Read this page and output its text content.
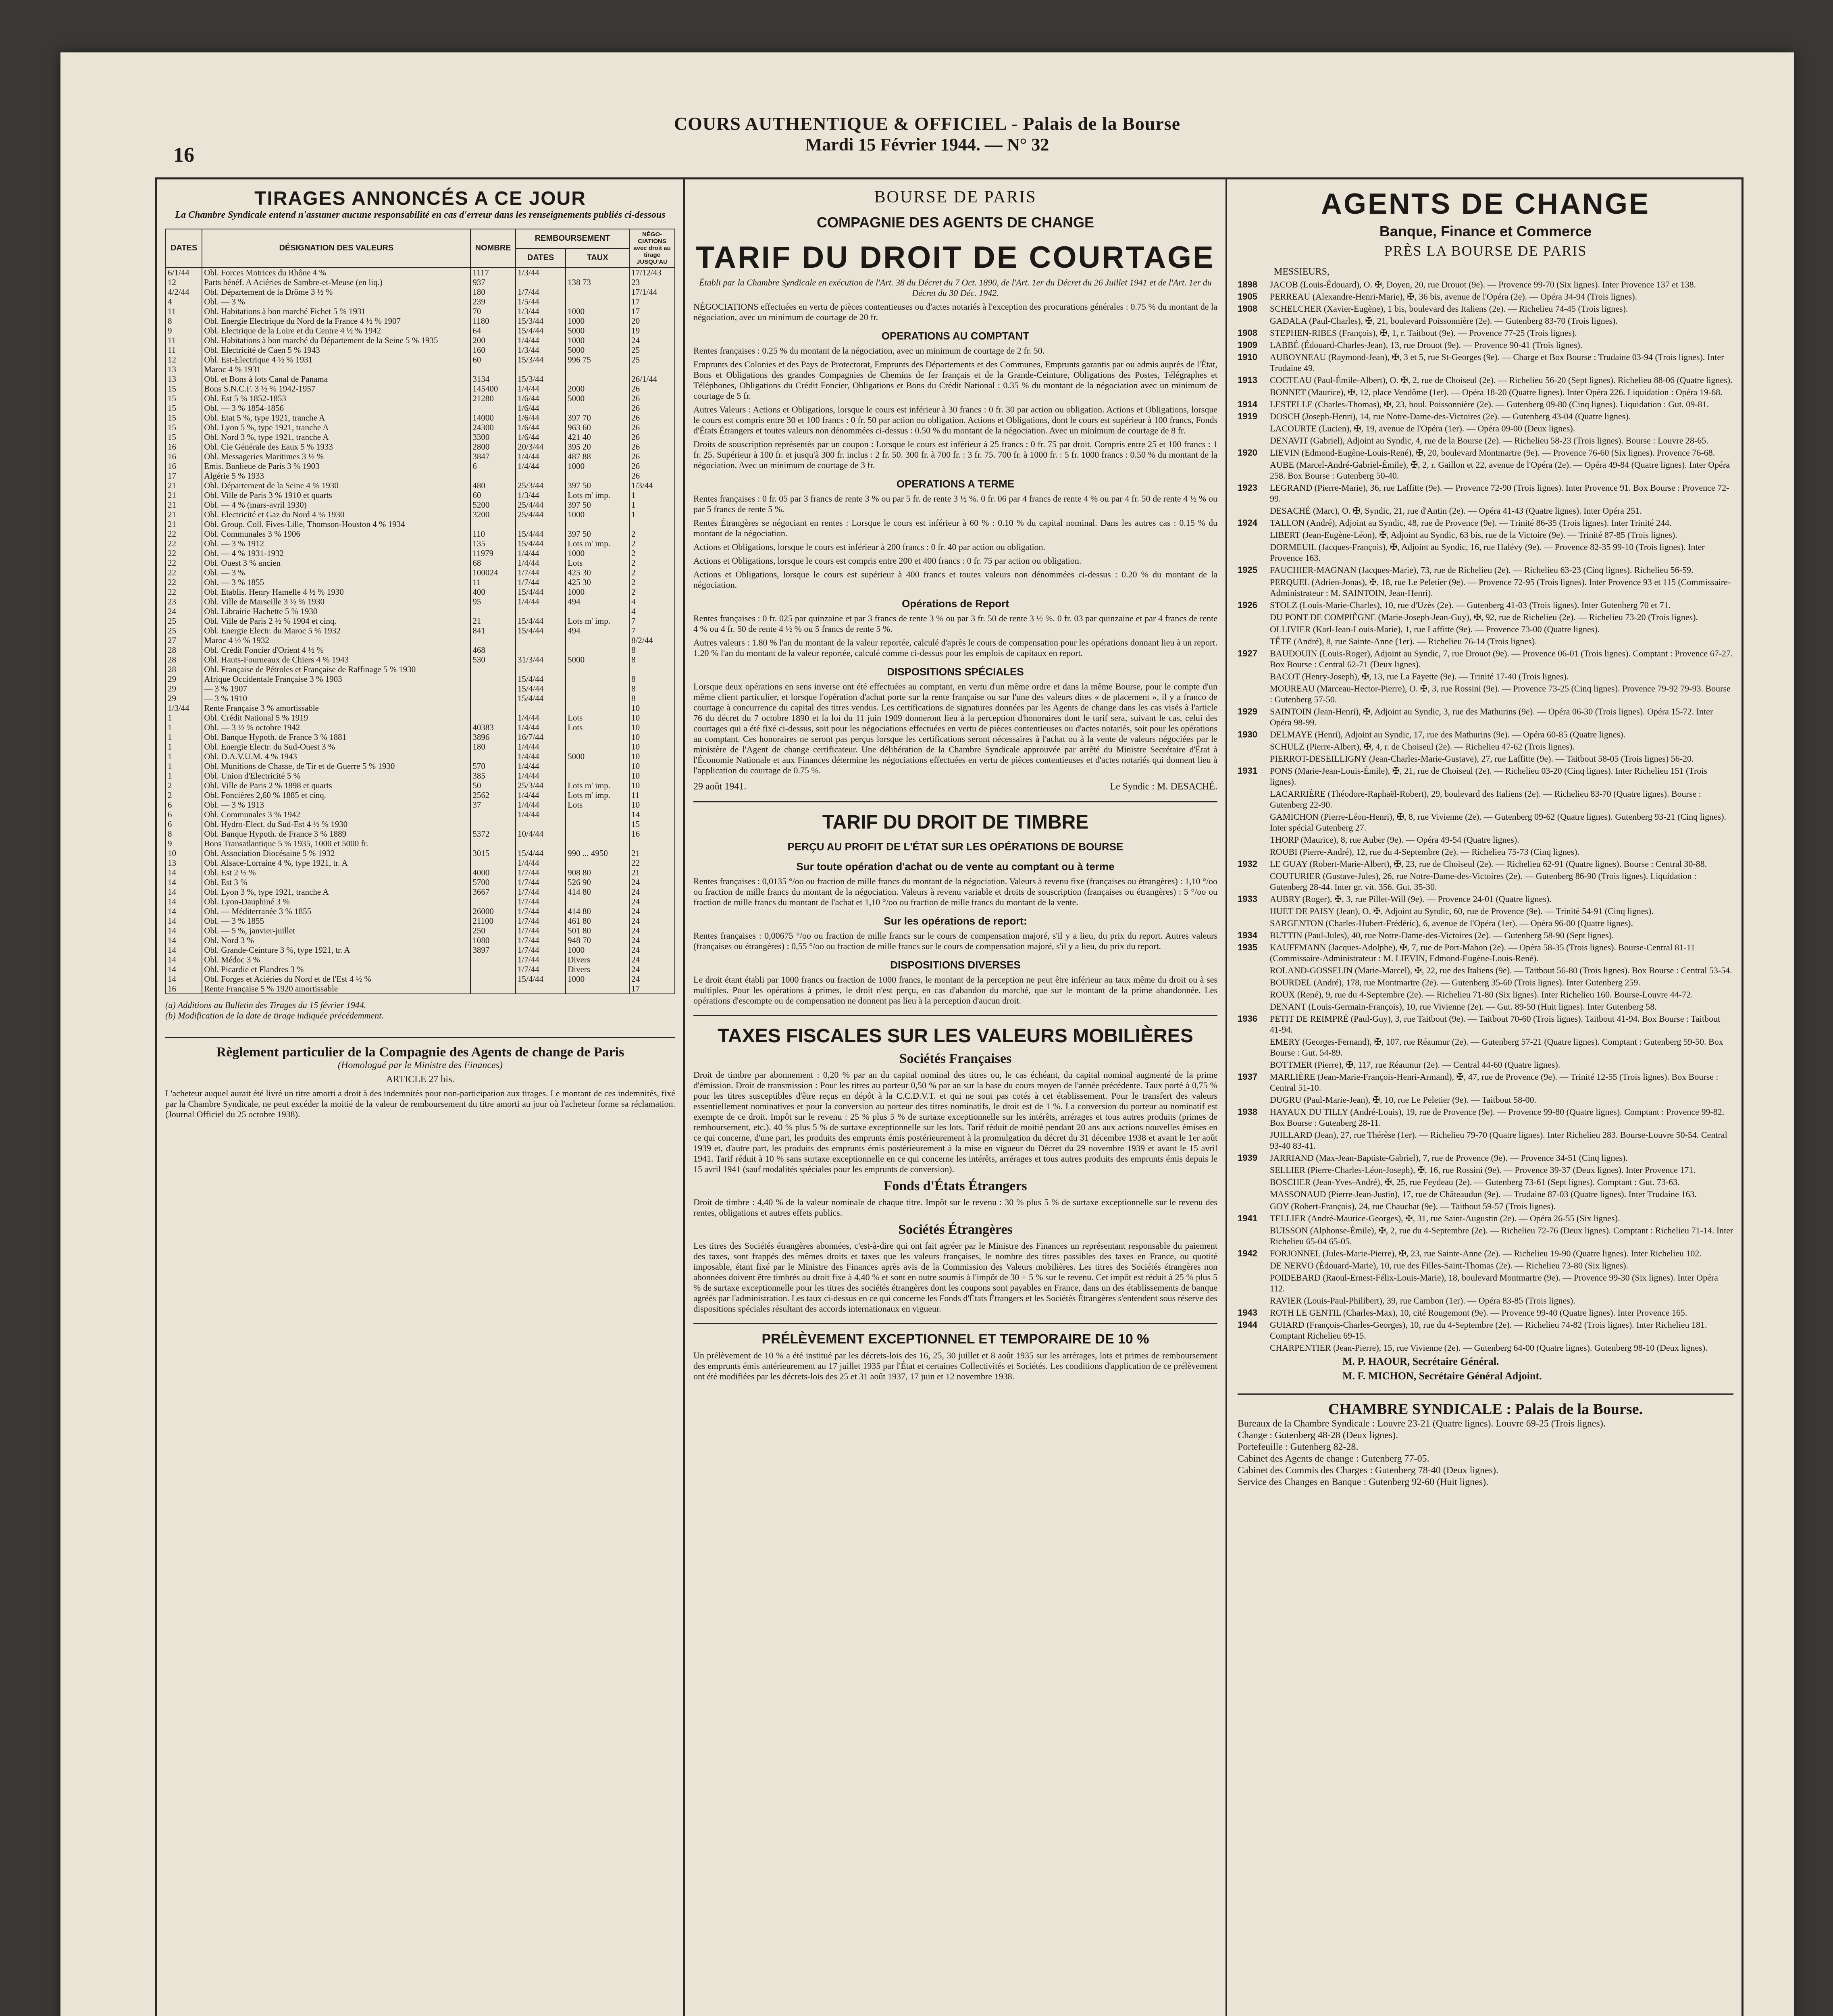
COURS AUTHENTIQUE & OFFICIEL - Palais de la Bourse
Mardi 15 Février 1944. — N° 32
16
TIRAGES ANNONCÉS A CE JOUR
La Chambre Syndicale entend n'assumer aucune responsabilité en cas d'erreur dans les renseignements publiés ci-dessous
DATES	DÉSIGNATION DES VALEURS	NOMBRE	REMBOURSEMENT		NÉGO-CIATIONS avec droit au tirage JUSQU'AU
			DATES	TAUX	
6/1/44	Obl. Forces Motrices du Rhône 4 %	1117	1/3/44		17/12/43
12	Parts bénéf. A Aciéries de Sambre-et-Meuse (en liq.)	937		138 73	23
4/2/44	Obl. Département de la Drôme 3 ½ %	180	1/7/44		17/1/44
4	Obl. — 3 %	239	1/5/44		17
11	Obl. Habitations à bon marché Fichet 5 % 1931	70	1/3/44	1000	17
8	Obl. Energie Electrique du Nord de la France 4 ½ % 1907	1180	15/3/44	1000	20
9	Obl. Electrique de la Loire et du Centre 4 ½ % 1942	64	15/4/44	5000	19
11	Obl. Habitations à bon marché du Département de la Seine 5 % 1935	200	1/4/44	1000	24
11	Obl. Electricité de Caen 5 % 1943	160	1/3/44	5000	25
12	Obl. Est-Electrique 4 ½ % 1931	60	15/3/44	996 75	25
13	Maroc 4 % 1931				
13	Obl. et Bons à lots Canal de Panama	3134	15/3/44		26/1/44
15	Bons S.N.C.F. 3 ½ % 1942-1957	145400	1/4/44	2000	26
15	Obl. Est 5 % 1852-1853	21280	1/6/44	5000	26
15	Obl. — 3 % 1854-1856		1/6/44		26
15	Obl. Etat 5 %, type 1921, tranche A	14000	1/6/44	397 70	26
15	Obl. Lyon 5 %, type 1921, tranche A	24300	1/6/44	963 60	26
15	Obl. Nord 3 %, type 1921, tranche A	3300	1/6/44	421 40	26
16	Obl. Cie Générale des Eaux 5 % 1933	2800	20/3/44	395 20	26
16	Obl. Messageries Maritimes 3 ½ %	3847	1/4/44	487 88	26
16	Emis. Banlieue de Paris 3 % 1903	6	1/4/44	1000	26
17	Algérie 5 % 1933				26
21	Obl. Département de la Seine 4 % 1930	480	25/3/44	397 50	1/3/44
21	Obl. Ville de Paris 3 % 1910 et quarts	60	1/3/44	Lots m' imp.	1
21	Obl. — 4 % (mars-avril 1930)	5200	25/4/44	397 50	1
21	Obl. Electricité et Gaz du Nord 4 % 1930	3200	25/4/44	1000	1
21	Obl. Group. Coll. Fives-Lille, Thomson-Houston 4 % 1934				
22	Obl. Communales 3 % 1906	110	15/4/44	397 50	2
22	Obl. — 3 % 1912	135	15/4/44	Lots m' imp.	2
22	Obl. — 4 % 1931-1932	11979	1/4/44	1000	2
22	Obl. Ouest 3 % ancien	68	1/4/44	Lots	2
22	Obl. — 3 %	100024	1/7/44	425 30	2
22	Obl. — 3 % 1855	11	1/7/44	425 30	2
22	Obl. Etablis. Henry Hamelle 4 ½ % 1930	400	15/4/44	1000	2
23	Obl. Ville de Marseille 3 ½ % 1930	95	1/4/44	494	4
24	Obl. Librairie Hachette 5 % 1930				4
25	Obl. Ville de Paris 2 ½ % 1904 et cinq.	21	15/4/44	Lots m' imp.	7
25	Obl. Energie Electr. du Maroc 5 % 1932	841	15/4/44	494	7
27	Maroc 4 ½ % 1932				8/2/44
28	Obl. Crédit Foncier d'Orient 4 ½ %	468			8
28	Obl. Hauts-Fourneaux de Chiers 4 % 1943	530	31/3/44	5000	8
28	Obl. Française de Pétroles et Française de Raffinage 5 % 1930				
29	Afrique Occidentale Française 3 % 1903		15/4/44		8
29	— 3 % 1907		15/4/44		8
29	— 3 % 1910		15/4/44		8
1/3/44	Rente Française 3 % amortissable				10
1	Obl. Crédit National 5 % 1919		1/4/44	Lots	10
1	Obl. — 3 ½ % octobre 1942	40383	1/4/44	Lots	10
1	Obl. Banque Hypoth. de France 3 % 1881	3896	16/7/44		10
1	Obl. Energie Electr. du Sud-Ouest 3 %	180	1/4/44		10
1	Obl. D.A.V.U.M. 4 % 1943		1/4/44	5000	10
1	Obl. Munitions de Chasse, de Tir et de Guerre 5 % 1930	570	1/4/44		10
1	Obl. Union d'Electricité 5 %	385	1/4/44		10
2	Obl. Ville de Paris 2 % 1898 et quarts	50	25/3/44	Lots m' imp.	10
2	Obl. Foncières 2,60 % 1885 et cinq.	2562	1/4/44	Lots m' imp.	11
6	Obl. — 3 % 1913	37	1/4/44	Lots	10
6	Obl. Communales 3 % 1942		1/4/44		14
6	Obl. Hydro-Elect. du Sud-Est 4 ½ % 1930				15
8	Obl. Banque Hypoth. de France 3 % 1889	5372	10/4/44		16
9	Bons Transatlantique 5 % 1935, 1000 et 5000 fr.				
10	Obl. Association Diocésaine 5 % 1932	3015	15/4/44	990 ... 4950	21
13	Obl. Alsace-Lorraine 4 %, type 1921, tr. A		1/4/44		22
14	Obl. Est 2 ½ %	4000	1/7/44	908 80	21
14	Obl. Est 3 %	5700	1/7/44	526 90	24
14	Obl. Lyon 3 %, type 1921, tranche A	3667	1/7/44	414 80	24
14	Obl. Lyon-Dauphiné 3 %		1/7/44		24
14	Obl. — Méditerranée 3 % 1855	26000	1/7/44	414 80	24
14	Obl. — 3 % 1855	21100	1/7/44	461 80	24
14	Obl. — 5 %, janvier-juillet	250	1/7/44	501 80	24
14	Obl. Nord 3 %	1080	1/7/44	948 70	24
14	Obl. Grande-Ceinture 3 %, type 1921, tr. A	3897	1/7/44	1000	24
14	Obl. Médoc 3 %		1/7/44	Divers	24
14	Obl. Picardie et Flandres 3 %		1/7/44	Divers	24
14	Obl. Forges et Aciéries du Nord et de l'Est 4 ½ %		15/4/44	1000	24
16	Rente Française 5 % 1920 amortissable				17
(a) Additions au Bulletin des Tirages du 15 février 1944.
(b) Modification de la date de tirage indiquée précédemment.
Règlement particulier de la Compagnie des Agents de change de Paris
(Homologué par le Ministre des Finances)
ARTICLE 27 bis.
L'acheteur auquel aurait été livré un titre amorti a droit à des indemnités pour non-participation aux tirages. Le montant de ces indemnités, fixé par la Chambre Syndicale, ne peut excéder la moitié de la valeur de remboursement du titre amorti au jour où l'acheteur forme sa réclamation. (Journal Officiel du 25 octobre 1938).
BOURSE DE PARIS
COMPAGNIE DES AGENTS DE CHANGE
TARIF DU DROIT DE COURTAGE
Établi par la Chambre Syndicale en exécution de l'Art. 38 du Décret du 7 Oct. 1890, de l'Art. 1er du Décret du 26 Juillet 1941 et de l'Art. 1er du Décret du 30 Déc. 1942.
NÉGOCIATIONS effectuées en vertu de pièces contentieuses ou d'actes notariés à l'exception des procurations générales : 0.75 % du montant de la négociation, avec un minimum de courtage de 20 fr.
OPERATIONS AU COMPTANT
Rentes françaises : 0.25 % du montant de la négociation, avec un minimum de courtage de 2 fr. 50.
Emprunts des Colonies et des Pays de Protectorat, Emprunts des Départements et des Communes, Emprunts garantis par ou admis auprès de l'État, Bons et Obligations des grandes Compagnies de Chemins de fer français et de la Grande-Ceinture, Obligations des Postes, Télégraphes et Téléphones, Obligations du Crédit Foncier, Obligations et Bons du Crédit National : 0.35 % du montant de la négociation avec un minimum de courtage de 5 fr.
Autres Valeurs : Actions et Obligations, lorsque le cours est inférieur à 30 francs : 0 fr. 30 par action ou obligation. Actions et Obligations, lorsque le cours est compris entre 30 et 100 francs : 0 fr. 50 par action ou obligation. Actions et Obligations, dont le cours est supérieur à 100 francs, Fonds d'États Étrangers et toutes valeurs non dénommées ci-dessus : 0.50 % du montant de la négociation. Avec un minimum de courtage de 8 fr.
Droits de souscription représentés par un coupon : Lorsque le cours est inférieur à 25 francs : 0 fr. 75 par droit. Compris entre 25 et 100 francs : 1 fr. 25. Supérieur à 100 fr. et jusqu'à 300 fr. inclus : 2 fr. 50. 300 fr. à 700 fr. : 3 fr. 75. 700 fr. à 1000 fr. : 5 fr. 1000 francs : 0.50 % du montant de la négociation. Avec un minimum de courtage de 3 fr.
OPERATIONS A TERME
Rentes françaises : 0 fr. 05 par 3 francs de rente 3 % ou par 5 fr. de rente 3 ½ %. 0 fr. 06 par 4 francs de rente 4 % ou par 4 fr. 50 de rente 4 ½ % ou par 5 francs de rente 5 %.
Rentes Étrangères se négociant en rentes : Lorsque le cours est inférieur à 60 % : 0.10 % du capital nominal. Dans les autres cas : 0.15 % du montant de la négociation.
Actions et Obligations, lorsque le cours est inférieur à 200 francs : 0 fr. 40 par action ou obligation.
Actions et Obligations, lorsque le cours est compris entre 200 et 400 francs : 0 fr. 75 par action ou obligation.
Actions et Obligations, lorsque le cours est supérieur à 400 francs et toutes valeurs non dénommées ci-dessus : 0.20 % du montant de la négociation.
Opérations de Report
Rentes françaises : 0 fr. 025 par quinzaine et par 3 francs de rente 3 % ou par 3 fr. 50 de rente 3 ½ %. 0 fr. 03 par quinzaine et par 4 francs de rente 4 % ou 4 fr. 50 de rente 4 ½ % ou 5 francs de rente 5 %.
Autres valeurs : 1.80 % l'an du montant de la valeur reportée, calculé d'après le cours de compensation pour les opérations donnant lieu à un report. 1.20 % l'an du montant de la valeur reportée, calculé comme ci-dessus pour les emplois de capitaux en report.
DISPOSITIONS SPÉCIALES
Lorsque deux opérations en sens inverse ont été effectuées au comptant, en vertu d'un même ordre et dans la même Bourse, pour le compte d'un même client particulier, et lorsque l'opération d'achat porte sur la rente française ou sur l'une des valeurs dites « de placement », il y a franco de courtage à concurrence du capital des titres vendus. Les certifications de signatures données par les Agents de change dans les cas visés à l'article 76 du décret du 7 octobre 1890 et la loi du 11 juin 1909 donneront lieu à la perception d'honoraires dont le tarif sera, suivant le cas, celui des courtages qui a été fixé ci-dessus, soit pour les négociations effectuées en vertu de pièces contentieuses ou d'actes notariés, soit pour les opérations au comptant. Ces honoraires ne seront pas perçus lorsque les certifications seront nécessaires à l'achat ou à la vente de valeurs négociées par le ministère de l'Agent de change certificateur. Une délibération de la Chambre Syndicale approuvée par arrêté du Ministre Secrétaire d'État à l'Économie Nationale et aux Finances détermine les négociations effectuées en vertu de pièces contentieuses et d'actes notariés qui donnent lieu à l'application du courtage de 0.75 %.
29 août 1941.	Le Syndic : M. DESACHÉ.
TARIF DU DROIT DE TIMBRE
PERÇU AU PROFIT DE L'ÉTAT SUR LES OPÉRATIONS DE BOURSE
Sur toute opération d'achat ou de vente au comptant ou à terme
Rentes françaises : 0,0135 °/oo ou fraction de mille francs du montant de la négociation. Valeurs à revenu fixe (françaises ou étrangères) : 1,10 °/oo ou fraction de mille francs du montant de la négociation. Valeurs à revenu variable et droits de souscription (françaises ou étrangères) : 5 °/oo ou fraction de mille francs du montant de l'achat et 1,10 °/oo ou fraction de mille francs du montant de la vente.
Sur les opérations de report:
Rentes françaises : 0,00675 °/oo ou fraction de mille francs sur le cours de compensation majoré, s'il y a lieu, du prix du report. Autres valeurs (françaises ou étrangères) : 0,55 °/oo ou fraction de mille francs sur le cours de compensation majoré, s'il y a lieu, du prix du report.
DISPOSITIONS DIVERSES
Le droit étant établi par 1000 francs ou fraction de 1000 francs, le montant de la perception ne peut être inférieur au taux même du droit ou à ses multiples. Pour les opérations à primes, le droit n'est perçu, en cas d'abandon du marché, que sur le montant de la prime abandonnée. Les opérations d'escompte ou de compensation ne donnent pas lieu à la perception d'aucun droit.
TAXES FISCALES SUR LES VALEURS MOBILIÈRES
Sociétés Françaises
Droit de timbre par abonnement : 0,20 % par an du capital nominal des titres ou, le cas échéant, du capital nominal augmenté de la prime d'émission. Droit de transmission : Pour les titres au porteur 0,50 % par an sur la base du cours moyen de l'année précédente. Taux porté à 0,75 % pour les titres susceptibles d'être reçus en dépôt à la C.C.D.V.T. et qui ne sont pas cotés à cet établissement. Pour le transfert des valeurs essentiellement nominatives et pour la conversion au porteur des titres nominatifs, le droit est de 1 %. La conversion du porteur au nominatif est exempte de ce droit. Impôt sur le revenu : 25 % plus 5 % de surtaxe exceptionnelle sur les intérêts, arrérages et tous autres produits (primes de remboursement, etc.). 40 % plus 5 % de surtaxe exceptionnelle sur les lots. Tarif réduit de moitié pendant 20 ans aux actions nouvelles émises en ce qui concerne, d'une part, les produits des emprunts émis postérieurement à la promulgation du décret du 31 décembre 1938 et avant le 1er août 1939 et, d'autre part, les produits des emprunts émis postérieurement à la mise en vigueur du Décret du 29 novembre 1939 et avant le 15 avril 1941. Tarif réduit à 10 % sans surtaxe exceptionnelle en ce qui concerne les intérêts, arrérages et tous autres produits des emprunts émis depuis le 15 avril 1941 (sauf modalités spéciales pour les emprunts de conversion).
Fonds d'États Étrangers
Droit de timbre : 4,40 % de la valeur nominale de chaque titre. Impôt sur le revenu : 30 % plus 5 % de surtaxe exceptionnelle sur le revenu des rentes, obligations et autres effets publics.
Sociétés Étrangères
Les titres des Sociétés étrangères abonnées, c'est-à-dire qui ont fait agréer par le Ministre des Finances un représentant responsable du paiement des taxes, sont frappés des mêmes droits et taxes que les valeurs françaises, le nombre des titres passibles des taxes en France, ou quotité imposable, étant fixé par le Ministre des Finances après avis de la Commission des Valeurs mobilières. Les titres des Sociétés étrangères non abonnées doivent être timbrés au droit fixe à 4,40 % et sont en outre soumis à l'impôt de 30 + 5 % sur le revenu. Cet impôt est réduit à 25 % plus 5 % de surtaxe exceptionnelle pour les titres des sociétés étrangères dont les coupons sont payables en France, dans un des établissements de banque agréés par l'administration. Les taux ci-dessus en ce qui concerne les Fonds d'États Étrangers et les Sociétés Étrangères s'entendent sous réserve des dispositions spéciales résultant des accords internationaux en vigueur.
PRÉLÈVEMENT EXCEPTIONNEL ET TEMPORAIRE DE 10 %
Un prélèvement de 10 % a été institué par les décrets-lois des 16, 25, 30 juillet et 8 août 1935 sur les arrérages, lots et primes de remboursement des emprunts émis antérieurement au 17 juillet 1935 par l'État et certaines Collectivités et Sociétés. Les conditions d'application de ce prélèvement ont été modifiées par les décrets-lois des 25 et 31 août 1937, 17 juin et 12 novembre 1938.
AGENTS DE CHANGE
Banque, Finance et Commerce
PRÈS LA BOURSE DE PARIS
MESSIEURS,
1898	JACOB (Louis-Édouard), O. ✠, Doyen, 20, rue Drouot (9e). — Provence 99-70 (Six lignes). Inter Provence 137 et 138.
1905	PERREAU (Alexandre-Henri-Marie), ✠, 36 bis, avenue de l'Opéra (2e). — Opéra 34-94 (Trois lignes).
1908	SCHELCHER (Xavier-Eugène), 1 bis, boulevard des Italiens (2e). — Richelieu 74-45 (Trois lignes).
GADALA (Paul-Charles), ✠, 21, boulevard Poissonnière (2e). — Gutenberg 83-70 (Trois lignes).
1908	STEPHEN-RIBES (François), ✠, 1, r. Taitbout (9e). — Provence 77-25 (Trois lignes).
1909	LABBÉ (Édouard-Charles-Jean), 13, rue Drouot (9e). — Provence 90-41 (Trois lignes).
1910	AUBOYNEAU (Raymond-Jean), ✠, 3 et 5, rue St-Georges (9e). — Charge et Box Bourse : Trudaine 03-94 (Trois lignes). Inter Trudaine 49.
1913	COCTEAU (Paul-Émile-Albert), O. ✠, 2, rue de Choiseul (2e). — Richelieu 56-20 (Sept lignes). Richelieu 88-06 (Quatre lignes).
BONNET (Maurice), ✠, 12, place Vendôme (1er). — Opéra 18-20 (Quatre lignes). Inter Opéra 226. Liquidation : Opéra 19-68.
1914	LESTELLE (Charles-Thomas), ✠, 23, boul. Poissonnière (2e). — Gutenberg 09-80 (Cinq lignes). Liquidation : Gut. 09-81.
1919	DOSCH (Joseph-Henri), 14, rue Notre-Dame-des-Victoires (2e). — Gutenberg 43-04 (Quatre lignes).
LACOURTE (Lucien), ✠, 19, avenue de l'Opéra (1er). — Opéra 09-00 (Deux lignes).
DENAVIT (Gabriel), Adjoint au Syndic, 4, rue de la Bourse (2e). — Richelieu 58-23 (Trois lignes). Bourse : Louvre 28-65.
1920	LIEVIN (Edmond-Eugène-Louis-René), ✠, 20, boulevard Montmartre (9e). — Provence 76-60 (Six lignes). Provence 76-68.
AUBE (Marcel-André-Gabriel-Émile), ✠, 2, r. Gaillon et 22, avenue de l'Opéra (2e). — Opéra 49-84 (Quatre lignes). Inter Opéra 258. Box Bourse : Gutenberg 50-40.
1923	LEGRAND (Pierre-Marie), 36, rue Laffitte (9e). — Provence 72-90 (Trois lignes). Inter Provence 91. Box Bourse : Provence 72-99.
DESACHÉ (Marc), O. ✠, Syndic, 21, rue d'Antin (2e). — Opéra 41-43 (Quatre lignes). Inter Opéra 251.
1924	TALLON (André), Adjoint au Syndic, 48, rue de Provence (9e). — Trinité 86-35 (Trois lignes). Inter Trinité 244.
LIBERT (Jean-Eugène-Léon), ✠, Adjoint au Syndic, 63 bis, rue de la Victoire (9e). — Trinité 87-85 (Trois lignes).
DORMEUIL (Jacques-François), ✠, Adjoint au Syndic, 16, rue Halévy (9e). — Provence 82-35 99-10 (Trois lignes). Inter Provence 163.
1925	FAUCHIER-MAGNAN (Jacques-Marie), 73, rue de Richelieu (2e). — Richelieu 63-23 (Cinq lignes). Richelieu 56-59.
PERQUEL (Adrien-Jonas), ✠, 18, rue Le Peletier (9e). — Provence 72-95 (Trois lignes). Inter Provence 93 et 115 (Commissaire-Administrateur : M. SAINTOIN, Jean-Henri).
1926	STOLZ (Louis-Marie-Charles), 10, rue d'Uzès (2e). — Gutenberg 41-03 (Trois lignes). Inter Gutenberg 70 et 71.
DU PONT DE COMPIÈGNE (Marie-Joseph-Jean-Guy), ✠, 92, rue de Richelieu (2e). — Richelieu 73-20 (Trois lignes).
OLLIVIER (Karl-Jean-Louis-Marie), 1, rue Laffitte (9e). — Provence 73-00 (Quatre lignes).
TÊTE (André), 8, rue Sainte-Anne (1er). — Richelieu 76-14 (Trois lignes).
1927	BAUDOUIN (Louis-Roger), Adjoint au Syndic, 7, rue Drouot (9e). — Provence 06-01 (Trois lignes). Comptant : Provence 67-27. Box Bourse : Central 62-71 (Deux lignes).
BACOT (Henry-Joseph), ✠, 13, rue La Fayette (9e). — Trinité 17-40 (Trois lignes).
MOUREAU (Marceau-Hector-Pierre), O. ✠, 3, rue Rossini (9e). — Provence 73-25 (Cinq lignes). Provence 79-92 79-93. Bourse : Gutenberg 57-50.
1929	SAINTOIN (Jean-Henri), ✠, Adjoint au Syndic, 3, rue des Mathurins (9e). — Opéra 06-30 (Trois lignes). Opéra 15-72. Inter Opéra 98-99.
1930	DELMAYE (Henri), Adjoint au Syndic, 17, rue des Mathurins (9e). — Opéra 60-85 (Quatre lignes).
SCHULZ (Pierre-Albert), ✠, 4, r. de Choiseul (2e). — Richelieu 47-62 (Trois lignes).
PIERROT-DESEILLIGNY (Jean-Charles-Marie-Gustave), 27, rue Laffitte (9e). — Taitbout 58-05 (Trois lignes) 56-20.
1931	PONS (Marie-Jean-Louis-Émile), ✠, 21, rue de Choiseul (2e). — Richelieu 03-20 (Cinq lignes). Inter Richelieu 151 (Trois lignes).
LACARRIÈRE (Théodore-Raphaël-Robert), 29, boulevard des Italiens (2e). — Richelieu 83-70 (Quatre lignes). Bourse : Gutenberg 22-90.
GAMICHON (Pierre-Léon-Henri), ✠, 8, rue Vivienne (2e). — Gutenberg 09-62 (Quatre lignes). Gutenberg 93-21 (Cinq lignes). Inter spécial Gutenberg 27.
THORP (Maurice), 8, rue Auber (9e). — Opéra 49-54 (Quatre lignes).
ROUBI (Pierre-André), 12, rue du 4-Septembre (2e). — Richelieu 75-73 (Cinq lignes).
1932	LE GUAY (Robert-Marie-Albert), ✠, 23, rue de Choiseul (2e). — Richelieu 62-91 (Quatre lignes). Bourse : Central 30-88.
COUTURIER (Gustave-Jules), 26, rue Notre-Dame-des-Victoires (2e). — Gutenberg 86-90 (Trois lignes). Liquidation : Gutenberg 28-44. Inter gr. vit. 356. Gut. 35-30.
1933	AUBRY (Roger), ✠, 3, rue Pillet-Will (9e). — Provence 24-01 (Quatre lignes).
HUET DE PAISY (Jean), O. ✠, Adjoint au Syndic, 60, rue de Provence (9e). — Trinité 54-91 (Cinq lignes).
SARGENTON (Charles-Hubert-Frédéric), 6, avenue de l'Opéra (1er). — Opéra 96-00 (Quatre lignes).
1934	BUTTIN (Paul-Jules), 40, rue Notre-Dame-des-Victoires (2e). — Gutenberg 58-90 (Sept lignes).
1935	KAUFFMANN (Jacques-Adolphe), ✠, 7, rue de Port-Mahon (2e). — Opéra 58-35 (Trois lignes). Bourse-Central 81-11 (Commissaire-Administrateur : M. LIEVIN, Edmond-Eugène-Louis-René).
ROLAND-GOSSELIN (Marie-Marcel), ✠, 22, rue des Italiens (9e). — Taitbout 56-80 (Trois lignes). Box Bourse : Central 53-54.
BOURDEL (André), 178, rue Montmartre (2e). — Gutenberg 35-60 (Trois lignes). Inter Gutenberg 259.
ROUX (René), 9, rue du 4-Septembre (2e). — Richelieu 71-80 (Six lignes). Inter Richelieu 160. Bourse-Louvre 44-72.
DENANT (Louis-Germain-François), 10, rue Vivienne (2e). — Gut. 89-50 (Huit lignes). Inter Gutenberg 58.
1936	PETIT DE REIMPRÉ (Paul-Guy), 3, rue Taitbout (9e). — Taitbout 70-60 (Trois lignes). Taitbout 41-94. Box Bourse : Taitbout 41-94.
EMERY (Georges-Fernand), ✠, 107, rue Réaumur (2e). — Gutenberg 57-21 (Quatre lignes). Comptant : Gutenberg 59-50. Box Bourse : Gut. 54-89.
BOTTMER (Pierre), ✠, 117, rue Réaumur (2e). — Central 44-60 (Quatre lignes).
1937	MARLIÈRE (Jean-Marie-François-Henri-Armand), ✠, 47, rue de Provence (9e). — Trinité 12-55 (Trois lignes). Box Bourse : Central 51-10.
DUGRU (Paul-Marie-Jean), ✠, 10, rue Le Peletier (9e). — Taitbout 58-00.
1938	HAYAUX DU TILLY (André-Louis), 19, rue de Provence (9e). — Provence 99-80 (Quatre lignes). Comptant : Provence 99-82. Box Bourse : Gutenberg 28-11.
JUILLARD (Jean), 27, rue Thérèse (1er). — Richelieu 79-70 (Quatre lignes). Inter Richelieu 283. Bourse-Louvre 50-54. Central 93-40 83-41.
1939	JARRIAND (Max-Jean-Baptiste-Gabriel), 7, rue de Provence (9e). — Provence 34-51 (Cinq lignes).
SELLIER (Pierre-Charles-Léon-Joseph), ✠, 16, rue Rossini (9e). — Provence 39-37 (Deux lignes). Inter Provence 171.
BOSCHER (Jean-Yves-André), ✠, 25, rue Feydeau (2e). — Gutenberg 73-61 (Sept lignes). Comptant : Gut. 73-63.
MASSONAUD (Pierre-Jean-Justin), 17, rue de Châteaudun (9e). — Trudaine 87-03 (Quatre lignes). Inter Trudaine 163.
GOY (Robert-François), 24, rue Chauchat (9e). — Taitbout 59-57 (Trois lignes).
1941	TELLIER (André-Maurice-Georges), ✠, 31, rue Saint-Augustin (2e). — Opéra 26-55 (Six lignes).
BUISSON (Alphonse-Émile), ✠, 2, rue du 4-Septembre (2e). — Richelieu 72-76 (Deux lignes). Comptant : Richelieu 71-14. Inter Richelieu 65-04 65-05.
1942	FORJONNEL (Jules-Marie-Pierre), ✠, 23, rue Sainte-Anne (2e). — Richelieu 19-90 (Quatre lignes). Inter Richelieu 102.
DE NERVO (Édouard-Marie), 10, rue des Filles-Saint-Thomas (2e). — Richelieu 73-80 (Six lignes).
POIDEBARD (Raoul-Ernest-Félix-Louis-Marie), 18, boulevard Montmartre (9e). — Provence 99-30 (Six lignes). Inter Opéra 112.
RAVIER (Louis-Paul-Philibert), 39, rue Cambon (1er). — Opéra 83-85 (Trois lignes).
1943	ROTH LE GENTIL (Charles-Max), 10, cité Rougemont (9e). — Provence 99-40 (Quatre lignes). Inter Provence 165.
1944	GUIARD (François-Charles-Georges), 10, rue du 4-Septembre (2e). — Richelieu 74-82 (Trois lignes). Inter Richelieu 181. Comptant Richelieu 69-15.
CHARPENTIER (Jean-Pierre), 15, rue Vivienne (2e). — Gutenberg 64-00 (Quatre lignes). Gutenberg 98-10 (Deux lignes).
M. P. HAOUR, Secrétaire Général.
M. F. MICHON, Secrétaire Général Adjoint.
CHAMBRE SYNDICALE : Palais de la Bourse.
Bureaux de la Chambre Syndicale : Louvre 23-21 (Quatre lignes). Louvre 69-25 (Trois lignes).
Change : Gutenberg 48-28 (Deux lignes).
Portefeuille : Gutenberg 82-28.
Cabinet des Agents de change : Gutenberg 77-05.
Cabinet des Commis des Charges : Gutenberg 78-40 (Deux lignes).
Service des Changes en Banque : Gutenberg 92-60 (Huit lignes).
